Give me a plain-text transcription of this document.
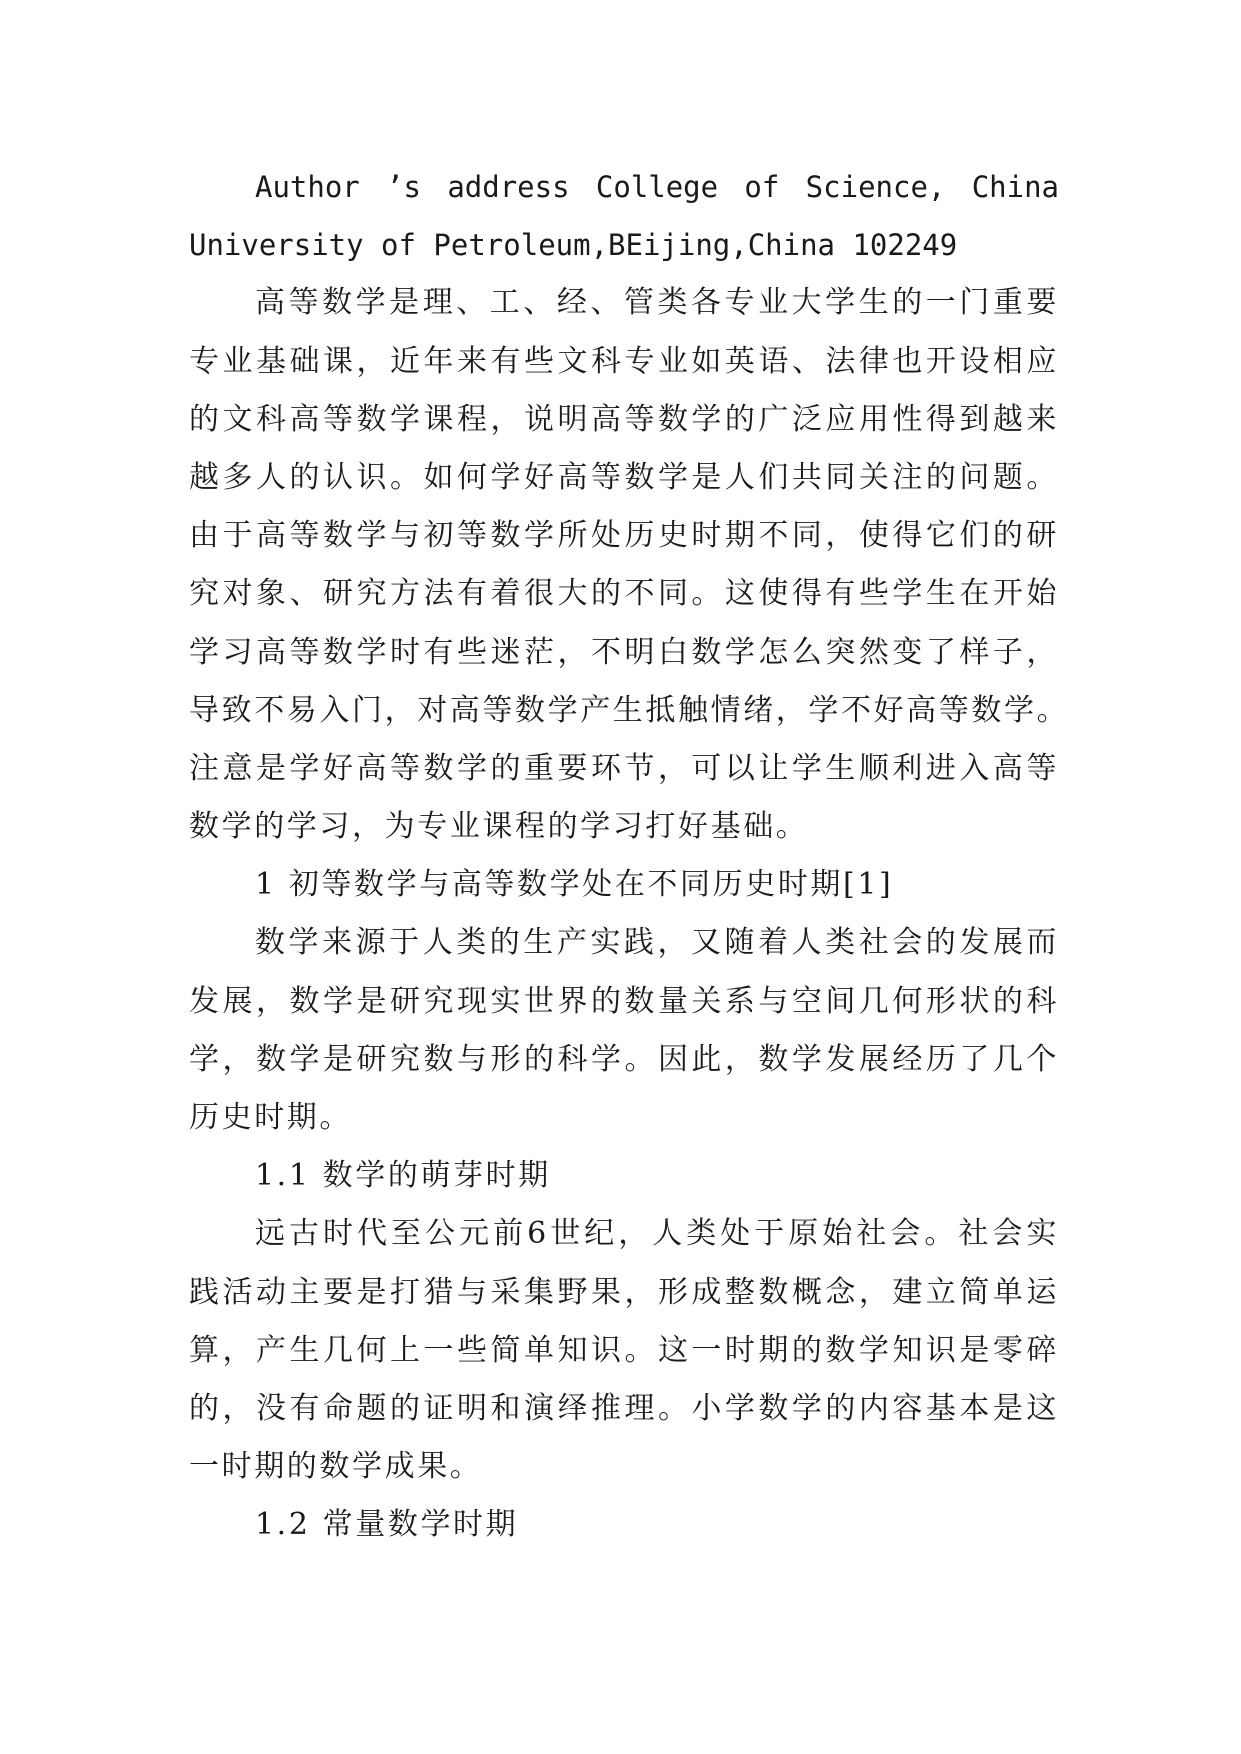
Author ’s address College of Science, China
University of Petroleum,BEijing,China 102249
高等数学是理、工、经、管类各专业大学生的一门重要
专业基础课，近年来有些文科专业如英语、法律也开设相应
的文科高等数学课程，说明高等数学的广泛应用性得到越来
越多人的认识。如何学好高等数学是人们共同关注的问题。
由于高等数学与初等数学所处历史时期不同，使得它们的研
究对象、研究方法有着很大的不同。这使得有些学生在开始
学习高等数学时有些迷茫，不明白数学怎么突然变了样子，
导致不易入门，对高等数学产生抵触情绪，学不好高等数学。
注意是学好高等数学的重要环节，可以让学生顺利进入高等
数学的学习，为专业课程的学习打好基础。
1 初等数学与高等数学处在不同历史时期[1]
数学来源于人类的生产实践，又随着人类社会的发展而
发展，数学是研究现实世界的数量关系与空间几何形状的科
学，数学是研究数与形的科学。因此，数学发展经历了几个
历史时期。
1.1 数学的萌芽时期
远古时代至公元前6世纪，人类处于原始社会。社会实
践活动主要是打猎与采集野果，形成整数概念，建立简单运
算，产生几何上一些简单知识。这一时期的数学知识是零碎
的，没有命题的证明和演绎推理。小学数学的内容基本是这
一时期的数学成果。
1.2 常量数学时期
